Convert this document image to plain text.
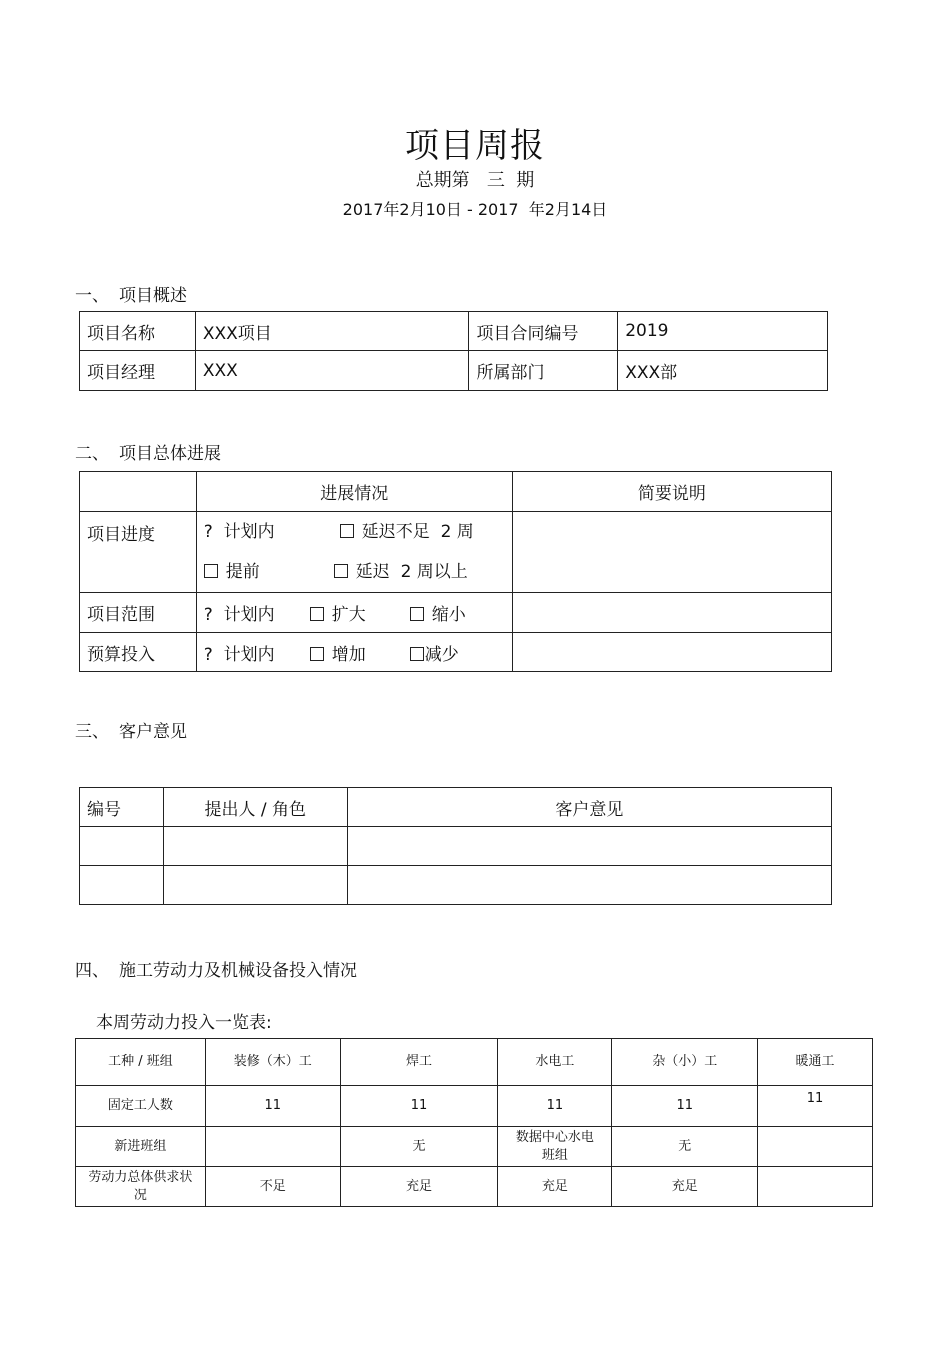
项目周报
总期第   三  期
2017年2月10日 - 2017  年2月14日
一、 项目概述
项目名称	XXX项目	项目合同编号	2019
项目经理	XXX	所属部门	XXX部
二、 项目总体进展
	进展情况	简要说明
项目进度	?  计划内 延迟不足  2 周
提前 延迟  2 周以上	

项目范围	?  计划内 扩大 缩小	
预算投入	?  计划内 增加 减少	
三、 客户意见
编号	提出人 / 角色	客户意见

四、 施工劳动力及机械设备投入情况
本周劳动力投入一览表:
工种 / 班组	装修（木）工	焊工	水电工	杂（小）工	暖通工
固定工人数	11	11	11	11	11
新进班组		无	数据中心水电班组	无	
劳动力总体供求状况	不足	充足	充足	充足	
